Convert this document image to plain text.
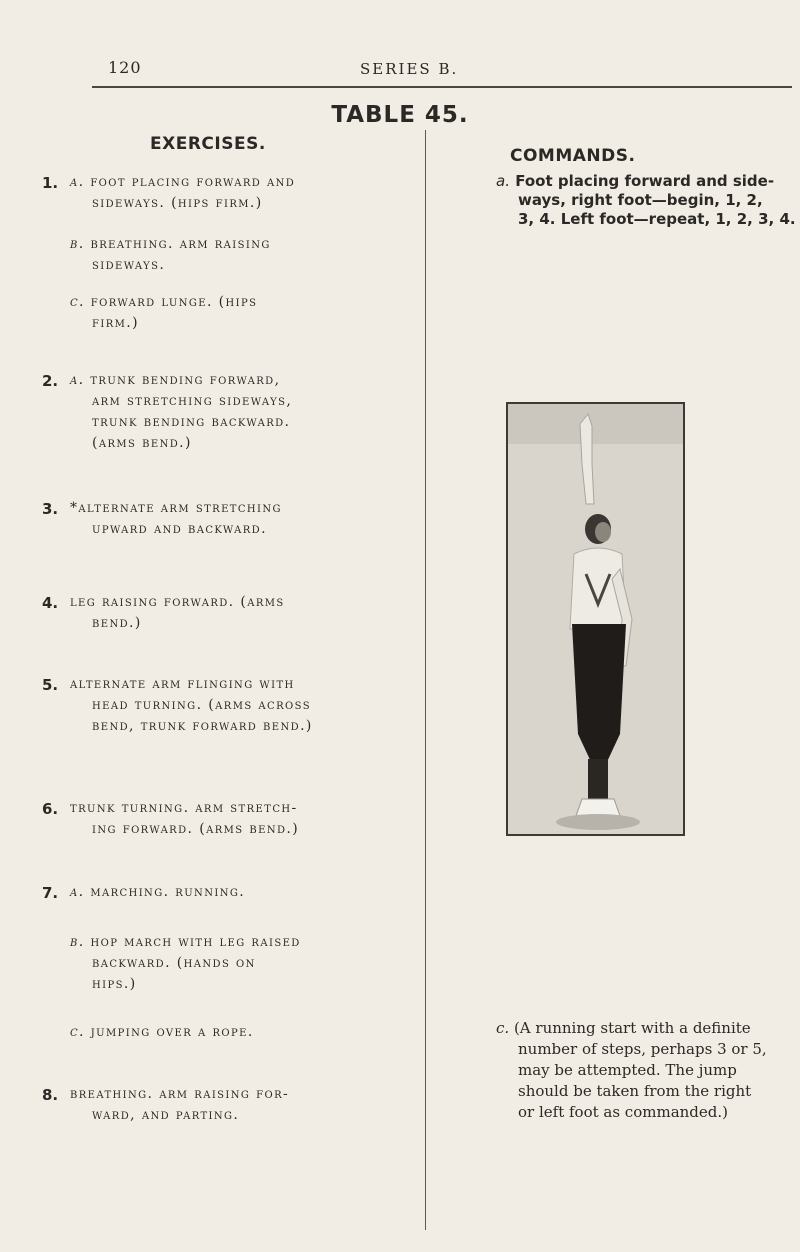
120	SERIES B.
TABLE 45.
EXERCISES.
COMMANDS.
1. a. foot placing forward and
sideways. (hips firm.)
b. breathing. arm raising
sideways.
c. forward lunge. (hips
firm.)
2. a. trunk bending forward,
arm stretching sideways,
trunk bending backward.
(arms bend.)
3. *alternate arm stretching
upward and backward.
4. leg raising forward. (arms
bend.)
5. alternate arm flinging with
head turning. (arms across
bend, trunk forward bend.)
6. trunk turning. arm stretch-
ing forward. (arms bend.)
7. a. marching. running.
b. hop march with leg raised
backward. (hands on
hips.)
c. jumping over a rope.
8. breathing. arm raising for-
ward, and parting.
a. Foot placing forward and side-
ways, right foot—begin, 1, 2,
3, 4. Left foot—repeat, 1, 2, 3, 4.
c. (A running start with a definite
number of steps, perhaps 3 or 5,
may be attempted. The jump
should be taken from the right
or left foot as commanded.)
